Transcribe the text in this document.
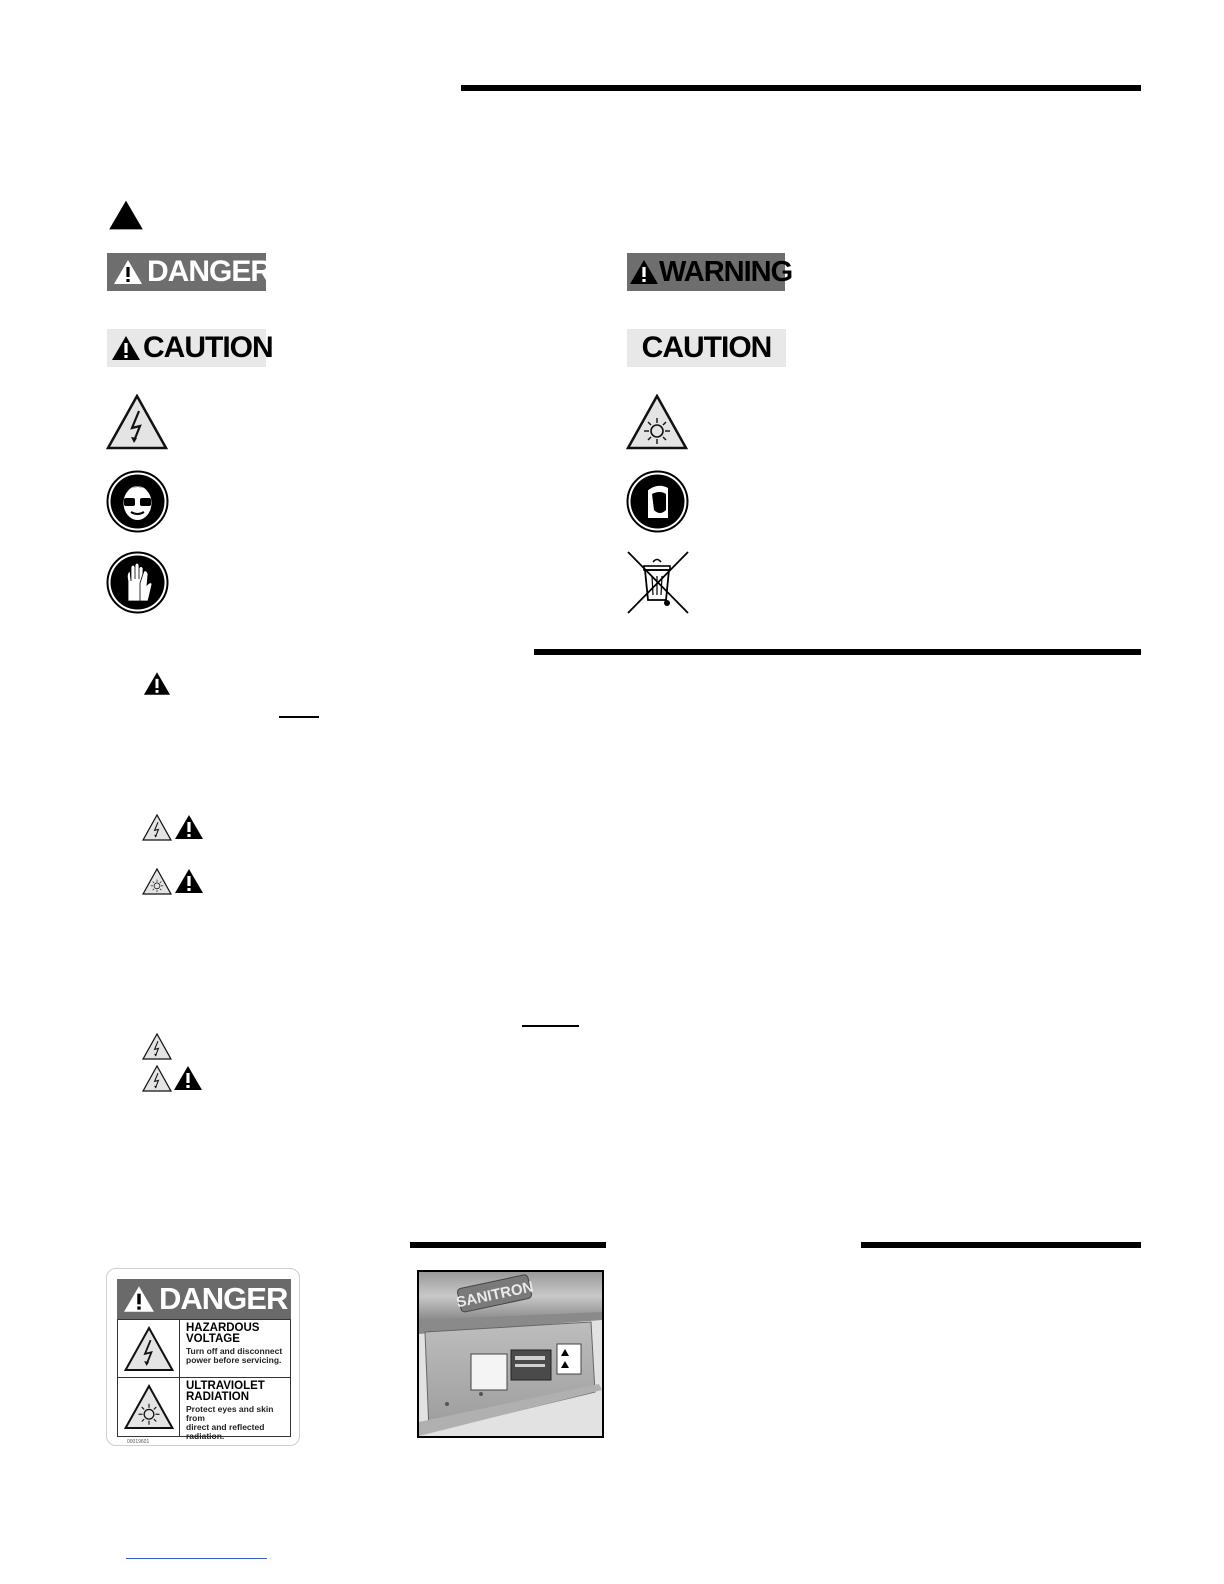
DANGER	WARNING
CAUTION	CAUTION
DANGER
HAZARDOUS
VOLTAGE
Turn off and disconnect
power before servicing.
ULTRAVIOLET
RADIATION
Protect eyes and skin from
direct and reflected radiation.
00019601
SANITRON
